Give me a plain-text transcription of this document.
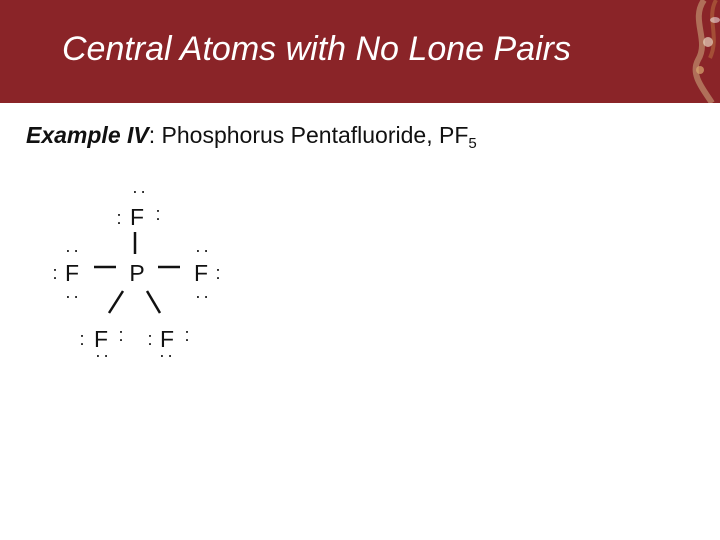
Central Atoms with No Lone Pairs
Example IV: Phosphorus Pentafluoride, $PF_5$
P
F
: :
:
F
:
:
:
F :
:
:
F
: :
:
F
: :
:
